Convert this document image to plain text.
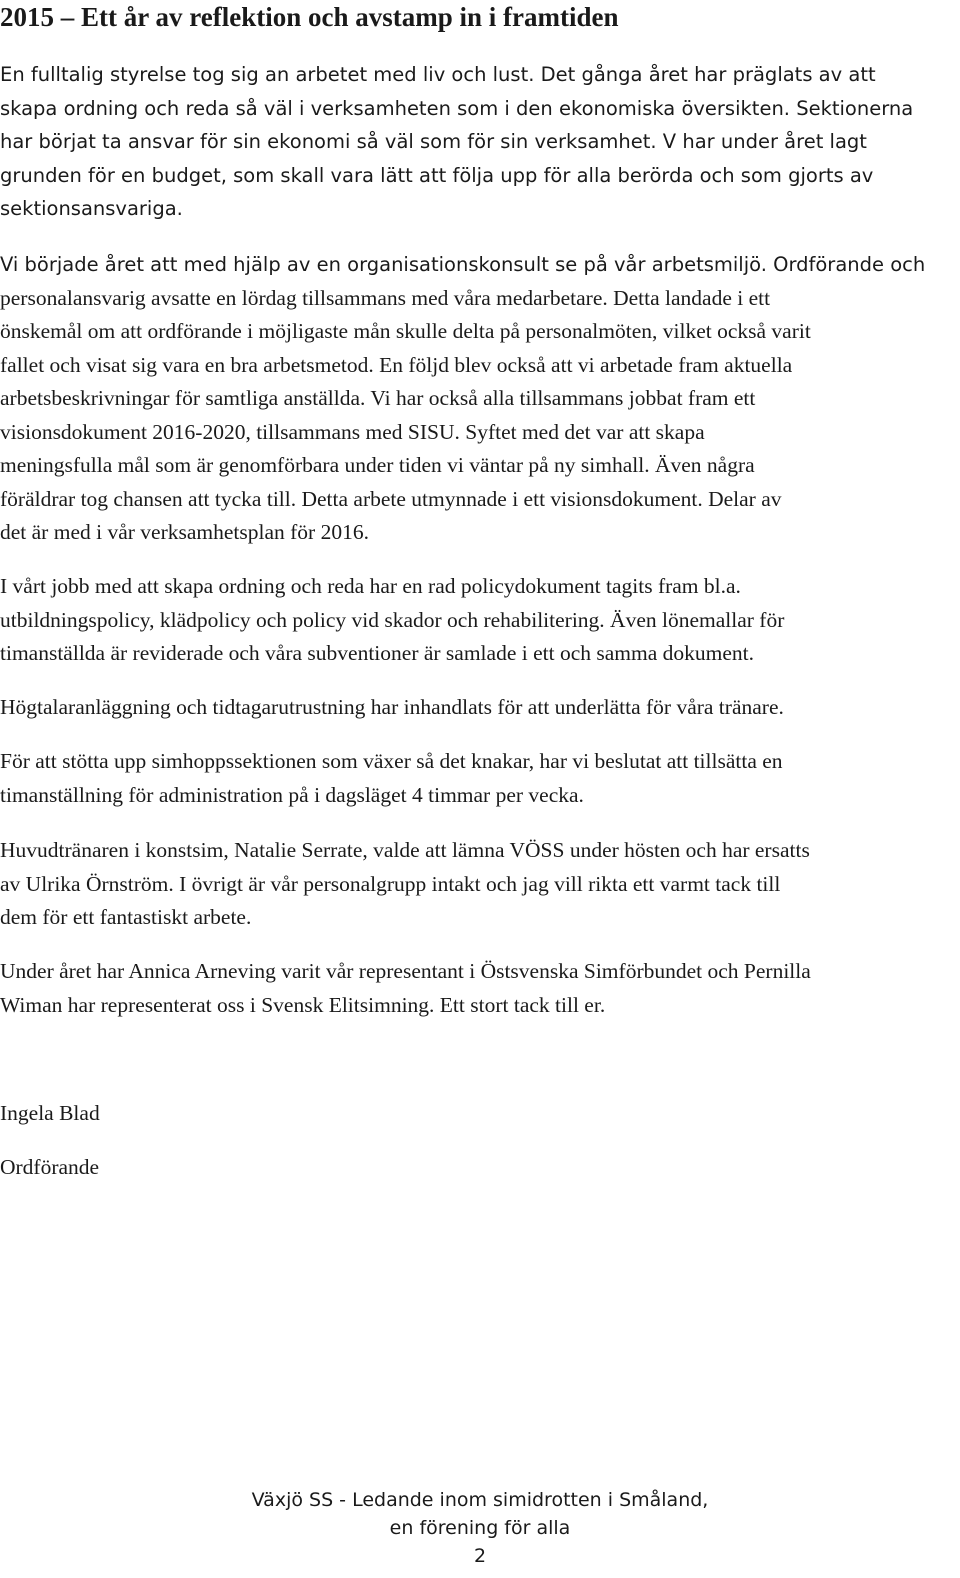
2015 – Ett år av reflektion och avstamp in i framtiden

En fulltalig styrelse tog sig an arbetet med liv och lust. Det gånga året har präglats av att

skapa ordning och reda så väl i verksamheten som i den ekonomiska översikten. Sektionerna

har börjat ta ansvar för sin ekonomi så väl som för sin verksamhet. V har under året lagt

grunden för en budget, som skall vara lätt att följa upp för alla berörda och som gjorts av

sektionsansvariga.

Vi började året att med hjälp av en organisationskonsult se på vår arbetsmiljö. Ordförande och

personalansvarig avsatte en lördag tillsammans med våra medarbetare. Detta landade i ett

önskemål om att ordförande i möjligaste mån skulle delta på personalmöten, vilket också varit

fallet och visat sig vara en bra arbetsmetod. En följd blev också att vi arbetade fram aktuella

arbetsbeskrivningar för samtliga anställda. Vi har också alla tillsammans jobbat fram ett

visionsdokument 2016-2020, tillsammans med SISU. Syftet med det var att skapa

meningsfulla mål som är genomförbara under tiden vi väntar på ny simhall. Även några

föräldrar tog chansen att tycka till. Detta arbete utmynnade i ett visionsdokument. Delar av

det är med i vår verksamhetsplan för 2016.

I vårt jobb med att skapa ordning och reda har en rad policydokument tagits fram bl.a.

utbildningspolicy, klädpolicy och policy vid skador och rehabilitering. Även lönemallar för

timanställda är reviderade och våra subventioner är samlade i ett och samma dokument.

Högtalaranläggning och tidtagarutrustning har inhandlats för att underlätta för våra tränare.

För att stötta upp simhoppssektionen som växer så det knakar, har vi beslutat att tillsätta en

timanställning för administration på i dagsläget 4 timmar per vecka.

Huvudtränaren i konstsim, Natalie Serrate, valde att lämna VÖSS under hösten och har ersatts

av Ulrika Örnström. I övrigt är vår personalgrupp intakt och jag vill rikta ett varmt tack till

dem för ett fantastiskt arbete.

Under året har Annica Arneving varit vår representant i Östsvenska Simförbundet och Pernilla

Wiman har representerat oss i Svensk Elitsimning. Ett stort tack till er.

Ingela Blad

Ordförande

Växjö SS - Ledande inom simidrotten i Småland,
en förening för alla
2
